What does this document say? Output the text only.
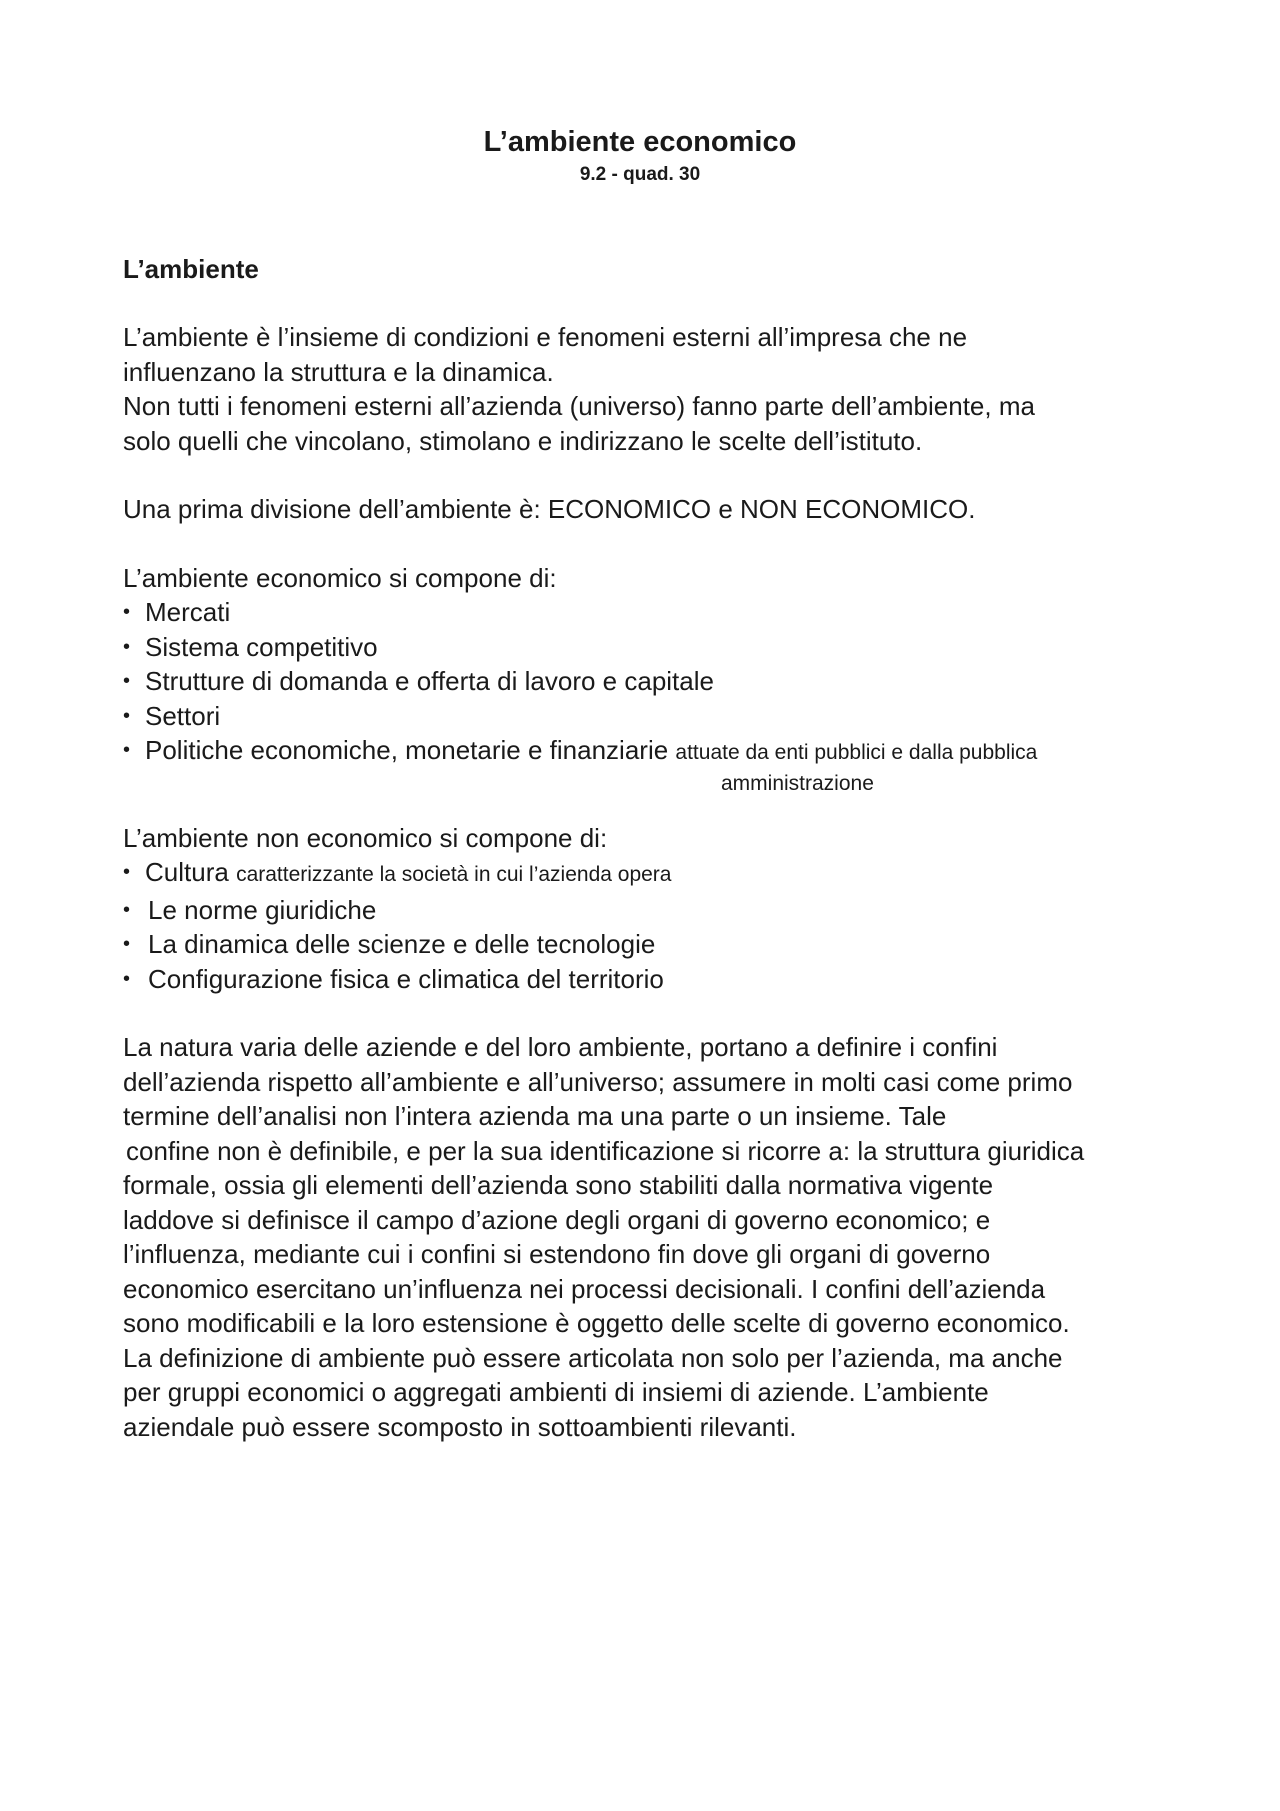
L’ambiente economico
9.2 - quad. 30
L’ambiente
L’ambiente è l’insieme di condizioni e fenomeni esterni all’impresa che ne
influenzano la struttura e la dinamica.
Non tutti i fenomeni esterni all’azienda (universo) fanno parte dell’ambiente, ma
solo quelli che vincolano, stimolano e indirizzano le scelte dell’istituto.
Una prima divisione dell’ambiente è: ECONOMICO e NON ECONOMICO.
L’ambiente economico si compone di:
• Mercati
• Sistema competitivo
• Strutture di domanda e offerta di lavoro e capitale
• Settori
• Politiche economiche, monetarie e finanziarie attuate da enti pubblici e dalla pubblica
amministrazione
L’ambiente non economico si compone di:
• Cultura caratterizzante la società in cui l’azienda opera
• Le norme giuridiche
• La dinamica delle scienze e delle tecnologie
• Configurazione fisica e climatica del territorio
La natura varia delle aziende e del loro ambiente, portano a definire i confini
dell’azienda rispetto all’ambiente e all’universo; assumere in molti casi come primo
termine dell’analisi non l’intera azienda ma una parte o un insieme. Tale
confine non è definibile, e per la sua identificazione si ricorre a: la struttura giuridica
formale, ossia gli elementi dell’azienda sono stabiliti dalla normativa vigente
laddove si definisce il campo d’azione degli organi di governo economico; e
l’influenza, mediante cui i confini si estendono fin dove gli organi di governo
economico esercitano un’influenza nei processi decisionali. I confini dell’azienda
sono modificabili e la loro estensione è oggetto delle scelte di governo economico.
La definizione di ambiente può essere articolata non solo per l’azienda, ma anche
per gruppi economici o aggregati ambienti di insiemi di aziende. L’ambiente
aziendale può essere scomposto in sottoambienti rilevanti.
